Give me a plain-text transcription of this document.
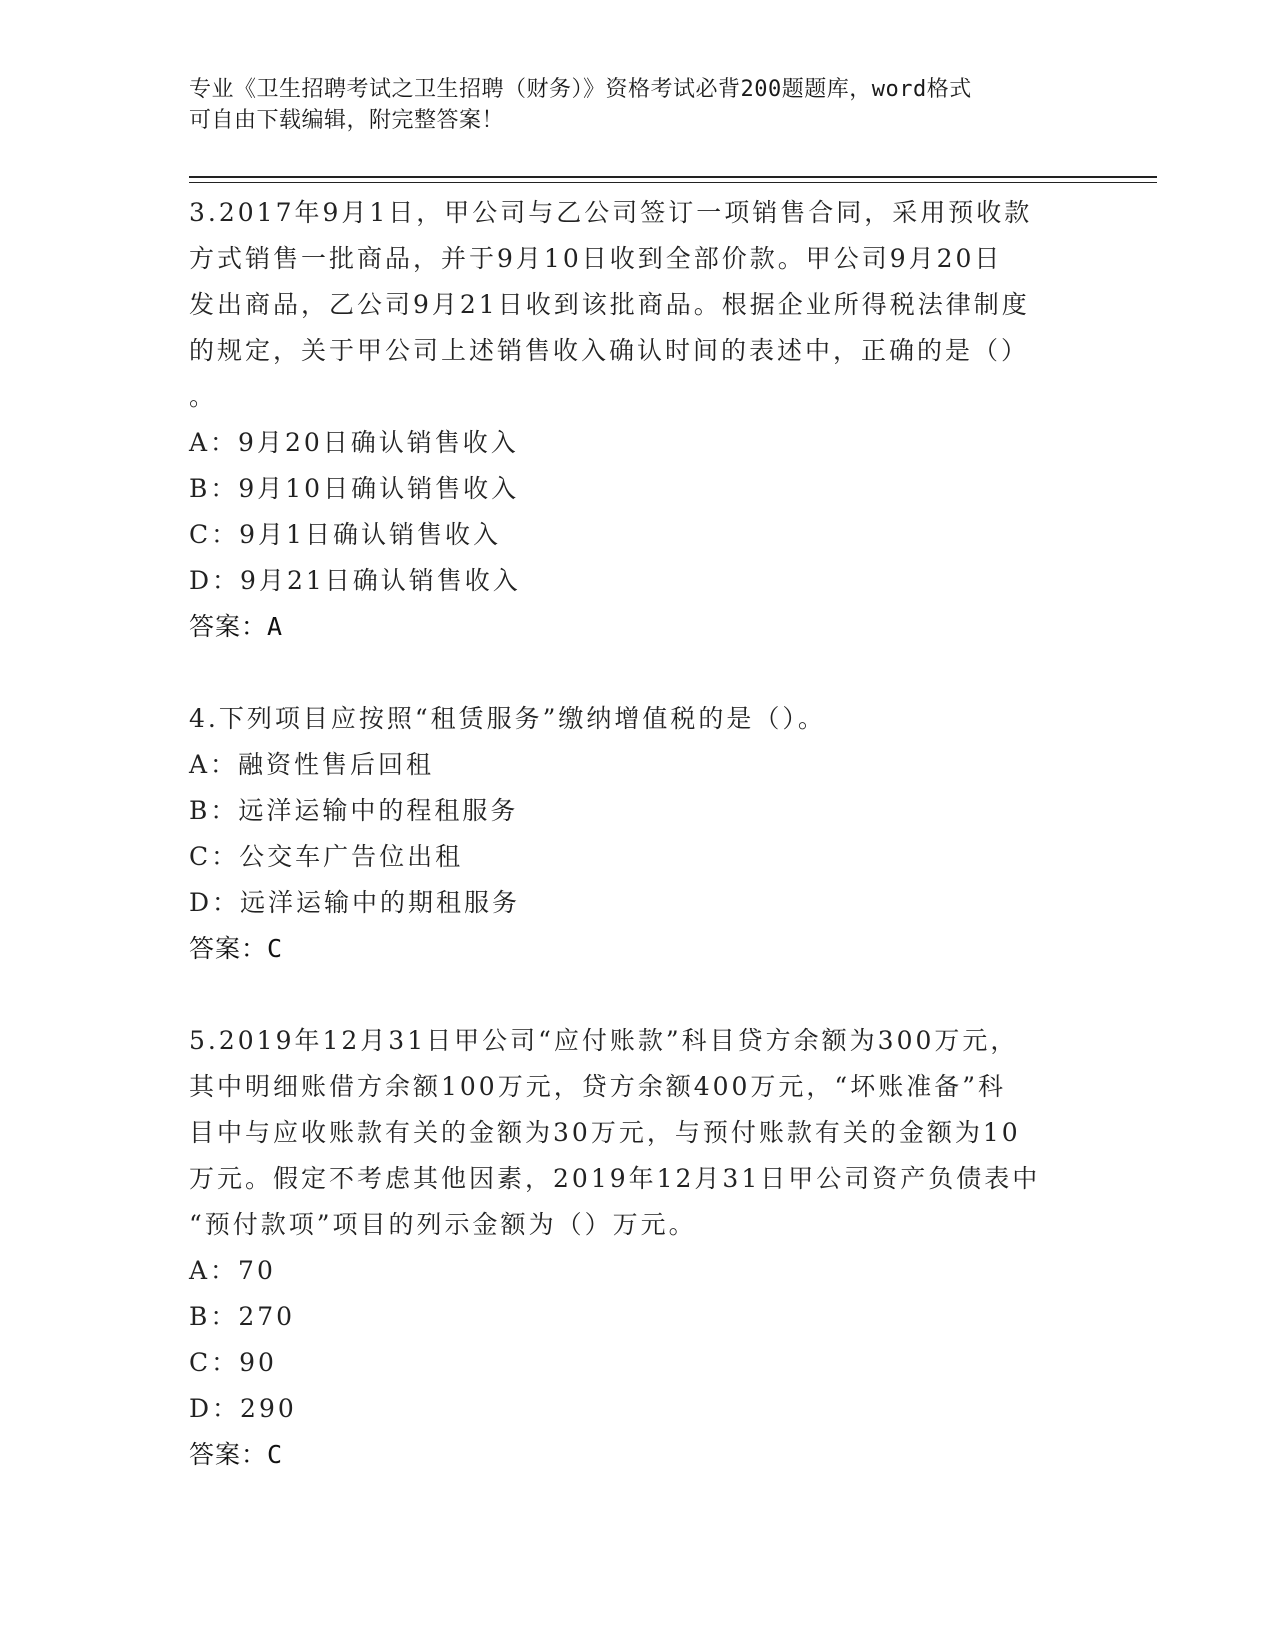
专业《卫生招聘考试之卫生招聘（财务）》资格考试必背200题题库，word格式
可自由下载编辑，附完整答案！
3.2017年9月1日，甲公司与乙公司签订一项销售合同，采用预收款
方式销售一批商品，并于9月10日收到全部价款。甲公司9月20日
发出商品，乙公司9月21日收到该批商品。根据企业所得税法律制度
的规定，关于甲公司上述销售收入确认时间的表述中，正确的是（）
。
A：9月20日确认销售收入
B：9月10日确认销售收入
C：9月1日确认销售收入
D：9月21日确认销售收入
答案：A
4.下列项目应按照“租赁服务”缴纳增值税的是（）。
A：融资性售后回租
B：远洋运输中的程租服务
C：公交车广告位出租
D：远洋运输中的期租服务
答案：C
5.2019年12月31日甲公司“应付账款”科目贷方余额为300万元，
其中明细账借方余额100万元，贷方余额400万元，“坏账准备”科
目中与应收账款有关的金额为30万元，与预付账款有关的金额为10
万元。假定不考虑其他因素，2019年12月31日甲公司资产负债表中
“预付款项”项目的列示金额为（）万元。
A：70
B：270
C：90
D：290
答案：C
